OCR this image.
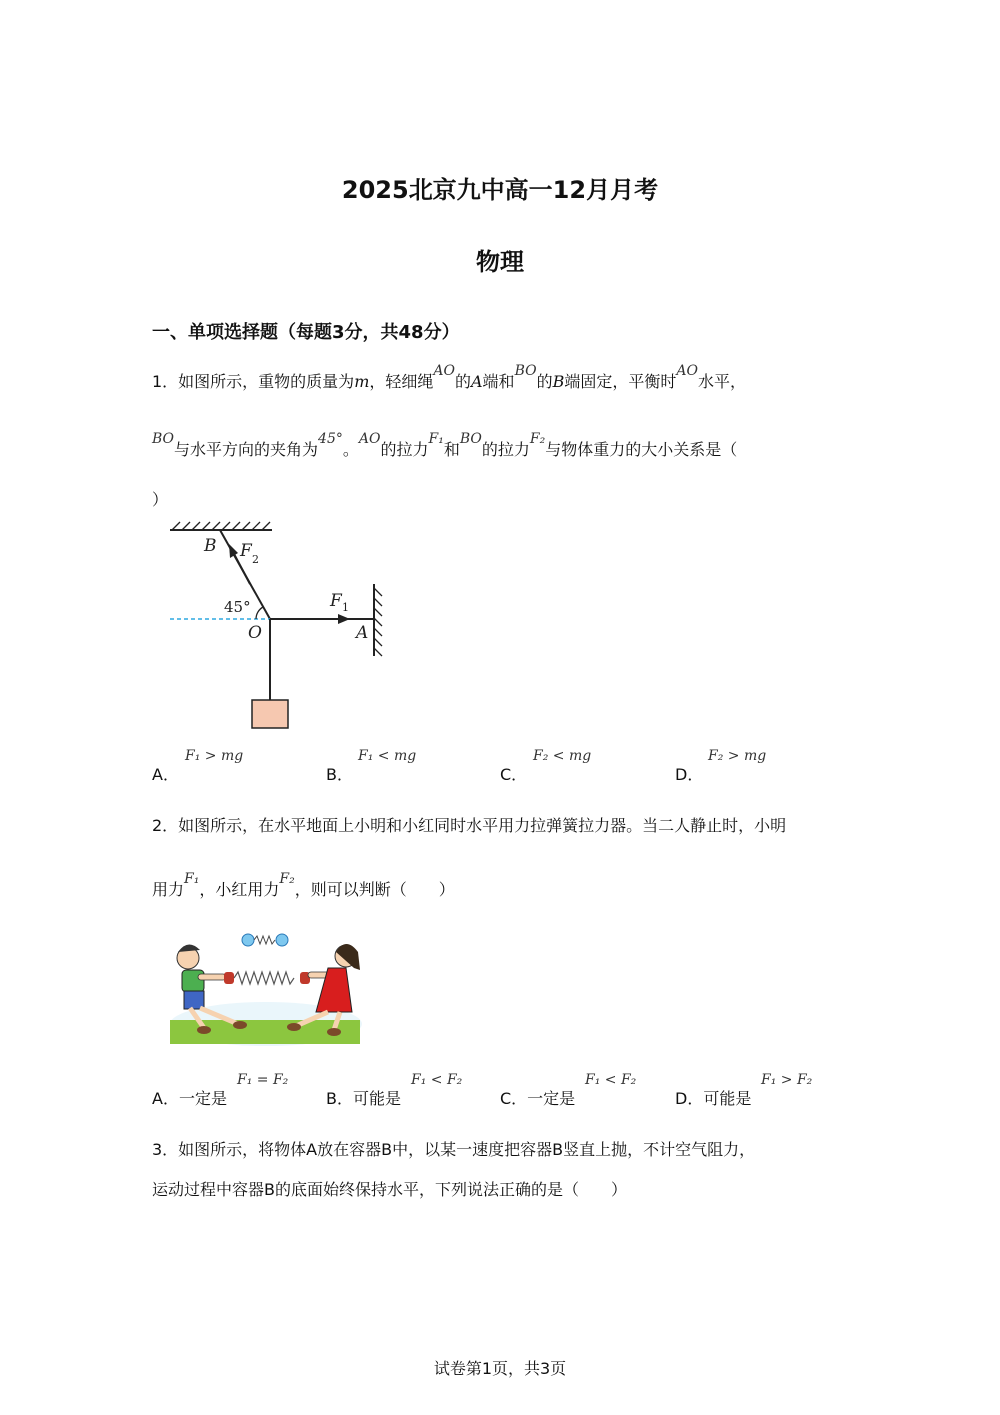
2025北京九中高一12月月考
物理
一、单项选择题（每题3分，共48分）
1．如图所示，重物的质量为m，轻细绳AO的A端和BO的B端固定，平衡时AO水平，
BO与水平方向的夹角为45°。AO的拉力F₁和BO的拉力F₂与物体重力的大小关系是（
）
B F 2
45°
O
F 1
A
A．
F₁ > mg
B．
F₁ < mg
C．
F₂ < mg
D．
F₂ > mg
2．如图所示，在水平地面上小明和小红同时水平用力拉弹簧拉力器。当二人静止时，小明
用力F₁，小红用力F₂，则可以判断（　　）
A．一定是
F₁ = F₂
B．可能是
F₁ < F₂
C．一定是
F₁ < F₂
D．可能是
F₁ > F₂
3．如图所示，将物体A放在容器B中，以某一速度把容器B竖直上抛，不计空气阻力，
运动过程中容器B的底面始终保持水平，下列说法正确的是（　　）
试卷第1页，共3页
